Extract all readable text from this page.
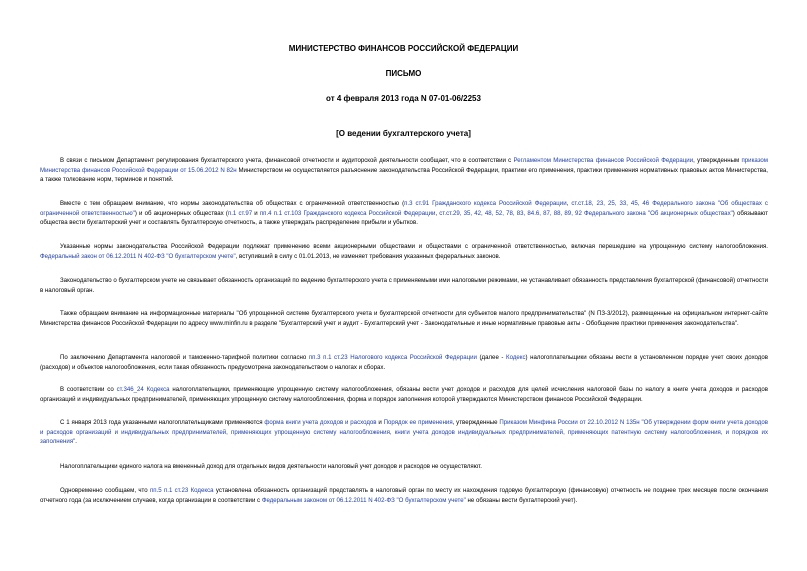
МИНИСТЕРСТВО ФИНАНСОВ РОССИЙСКОЙ ФЕДЕРАЦИИ
ПИСЬМО
от 4 февраля 2013 года N 07-01-06/2253
[О ведении бухгалтерского учета]

В связи с письмом Департамент регулирования бухгалтерского учета, финансовой отчетности и аудиторской деятельности сообщает, что в соответствии с Регламентом Министерства финансов Российской Федерации, утвержденным приказом Министерства финансов Российской Федерации от 15.06.2012 N 82н Министерством не осуществляется разъяснение законодательства Российской Федерации, практики его применения, практики применения нормативных правовых актов Министерства, а также толкование норм, терминов и понятий.

Вместе с тем обращаем внимание, что нормы законодательства об обществах с ограниченной ответственностью (п.3 ст.91 Гражданского кодекса Российской Федерации, ст.ст.18, 23, 25, 33, 45, 46 Федерального закона "Об обществах с ограниченной ответственностью") и об акционерных обществах (п.1 ст.97 и пп.4 п.1 ст.103 Гражданского кодекса Российской Федерации, ст.ст.29, 35, 42, 48, 52, 78, 83, 84.6, 87, 88, 89, 92 Федерального закона "Об акционерных обществах") обязывают общества вести бухгалтерский учет и составлять бухгалтерскую отчетность, а также утверждать распределение прибыли и убытков.

Указанные нормы законодательства Российской Федерации подлежат применению всеми акционерными обществами и обществами с ограниченной ответственностью, включая перешедшие на упрощенную систему налогообложения. Федеральный закон от 06.12.2011 N 402-ФЗ "О бухгалтерском учете", вступивший в силу с 01.01.2013, не изменяет требования указанных федеральных законов.

Законодательство о бухгалтерском учете не связывает обязанность организаций по ведению бухгалтерского учета с применяемыми ими налоговыми режимами, не устанавливает обязанность представления бухгалтерской (финансовой) отчетности в налоговый орган.

Также обращаем внимание на информационные материалы "Об упрощенной системе бухгалтерского учета и бухгалтерской отчетности для субъектов малого предпринимательства" (N ПЗ-3/2012), размещенные на официальном интернет-сайте Министерства финансов Российской Федерации по адресу www.minfin.ru в разделе "Бухгалтерский учет и аудит - Бухгалтерский учет - Законодательные и иные нормативные правовые акты - Обобщение практики применения законодательства".

По заключению Департамента налоговой и таможенно-тарифной политики согласно пп.3 п.1 ст.23 Налогового кодекса Российской Федерации (далее - Кодекс) налогоплательщики обязаны вести в установленном порядке учет своих доходов (расходов) и объектов налогообложения, если такая обязанность предусмотрена законодательством о налогах и сборах.

В соответствии со ст.346_24 Кодекса налогоплательщики, применяющие упрощенную систему налогообложения, обязаны вести учет доходов и расходов для целей исчисления налоговой базы по налогу в книге учета доходов и расходов организаций и индивидуальных предпринимателей, применяющих упрощенную систему налогообложения, форма и порядок заполнения которой утверждаются Министерством финансов Российской Федерации.

С 1 января 2013 года указанными налогоплательщиками применяются форма книги учета доходов и расходов и Порядок ее применения, утвержденные Приказом Минфина России от 22.10.2012 N 135н "Об утверждении форм книги учета доходов и расходов организаций и индивидуальных предпринимателей, применяющих упрощенную систему налогообложения, книги учета доходов индивидуальных предпринимателей, применяющих патентную систему налогообложения, и порядков их заполнения".

Налогоплательщики единого налога на вмененный доход для отдельных видов деятельности налоговый учет доходов и расходов не осуществляют.

Одновременно сообщаем, что пп.5 п.1 ст.23 Кодекса установлена обязанность организаций представлять в налоговый орган по месту их нахождения годовую бухгалтерскую (финансовую) отчетность не позднее трех месяцев после окончания отчетного года (за исключением случаев, когда организации в соответствии с Федеральным законом от 06.12.2011 N 402-ФЗ "О бухгалтерском учете" не обязаны вести бухгалтерский учет).
